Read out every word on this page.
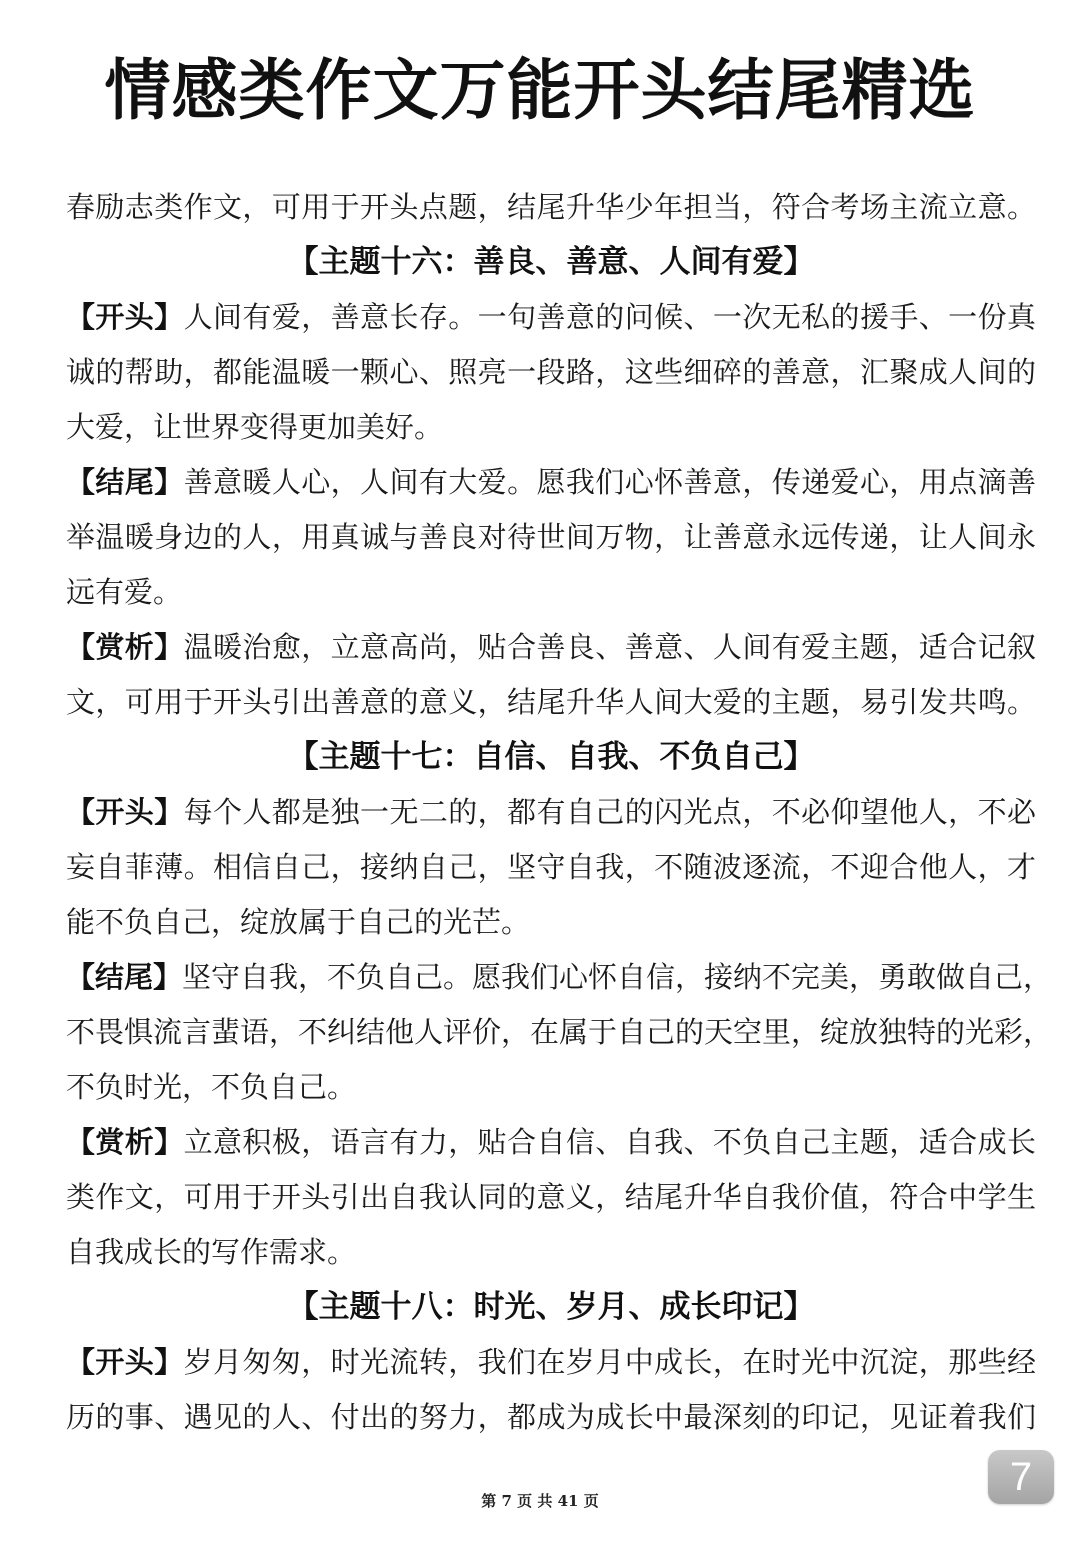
情感类作文万能开头结尾精选
春励志类作文，可用于开头点题，结尾升华少年担当，符合考场主流立意。
【主题十六：善良、善意、人间有爱】
【开头】人间有爱，善意长存。一句善意的问候、一次无私的援手、一份真
诚的帮助，都能温暖一颗心、照亮一段路，这些细碎的善意，汇聚成人间的
大爱，让世界变得更加美好。
【结尾】善意暖人心，人间有大爱。愿我们心怀善意，传递爱心，用点滴善
举温暖身边的人，用真诚与善良对待世间万物，让善意永远传递，让人间永
远有爱。
【赏析】温暖治愈，立意高尚，贴合善良、善意、人间有爱主题，适合记叙
文，可用于开头引出善意的意义，结尾升华人间大爱的主题，易引发共鸣。
【主题十七：自信、自我、不负自己】
【开头】每个人都是独一无二的，都有自己的闪光点，不必仰望他人，不必
妄自菲薄。相信自己，接纳自己，坚守自我，不随波逐流，不迎合他人，才
能不负自己，绽放属于自己的光芒。
【结尾】坚守自我，不负自己。愿我们心怀自信，接纳不完美，勇敢做自己，
不畏惧流言蜚语，不纠结他人评价，在属于自己的天空里，绽放独特的光彩，
不负时光，不负自己。
【赏析】立意积极，语言有力，贴合自信、自我、不负自己主题，适合成长
类作文，可用于开头引出自我认同的意义，结尾升华自我价值，符合中学生
自我成长的写作需求。
【主题十八：时光、岁月、成长印记】
【开头】岁月匆匆，时光流转，我们在岁月中成长，在时光中沉淀，那些经
历的事、遇见的人、付出的努力，都成为成长中最深刻的印记，见证着我们
7
第 7 页 共 41 页
